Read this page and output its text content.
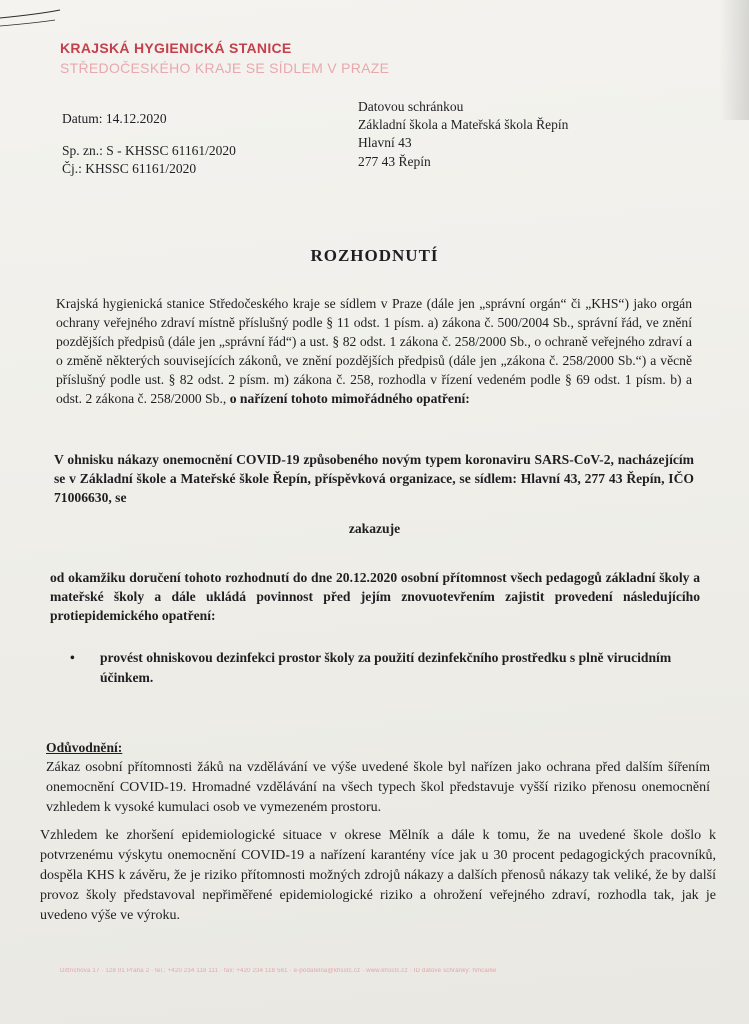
KRAJSKÁ HYGIENICKÁ STANICE

STŘEDOČESKÉHO KRAJE SE SÍDLEM V PRAZE

Datum: 14.12.2020

Sp. zn.: S - KHSSC 61161/2020

Čj.: KHSSC 61161/2020

Datovou schránkou
Základní škola a Mateřská škola Řepín
Hlavní 43
277 43 Řepín
ROZHODNUTÍ

Krajská hygienická stanice Středočeského kraje se sídlem v Praze (dále jen „správní orgán“ či „KHS“) jako orgán ochrany veřejného zdraví místně příslušný podle § 11 odst. 1 písm. a) zákona č. 500/2004 Sb., správní řád, ve znění pozdějších předpisů (dále jen „správní řád“) a ust. § 82 odst. 1 zákona č. 258/2000 Sb., o ochraně veřejného zdraví a o změně některých souvisejících zákonů, ve znění pozdějších předpisů (dále jen „zákona č. 258/2000 Sb.“) a věcně příslušný podle ust. § 82 odst. 2 písm. m) zákona č. 258, rozhodla v řízení vedeném podle § 69 odst. 1 písm. b) a odst. 2 zákona č. 258/2000 Sb., o nařízení tohoto mimořádného opatření:

V ohnisku nákazy onemocnění COVID-19 způsobeného novým typem koronaviru SARS-CoV-2, nacházejícím se v Základní škole a Mateřské škole Řepín, příspěvková organizace, se sídlem: Hlavní 43, 277 43 Řepín, IČO 71006630, se

zakazuje

od okamžiku doručení tohoto rozhodnutí do dne 20.12.2020 osobní přítomnost všech pedagogů základní školy a mateřské školy a dále ukládá povinnost před jejím znovuotevřením zajistit provedení následujícího protiepidemického opatření:

• provést ohniskovou dezinfekci prostor školy za použití dezinfekčního prostředku s plně virucidním účinkem.
Odůvodnění:

Zákaz osobní přítomnosti žáků na vzdělávání ve výše uvedené škole byl nařízen jako ochrana před dalším šířením onemocnění COVID-19. Hromadné vzdělávání na všech typech škol představuje vyšší riziko přenosu onemocnění vzhledem k vysoké kumulaci osob ve vymezeném prostoru.

Vzhledem ke zhoršení epidemiologické situace v okrese Mělník a dále k tomu, že na uvedené škole došlo k potvrzenému výskytu onemocnění COVID-19 a nařízení karantény více jak u 30 procent pedagogických pracovníků, dospěla KHS k závěru, že je riziko přítomnosti možných zdrojů nákazy a dalších přenosů nákazy tak veliké, že by další provoz školy představoval nepřiměřené epidemiologické riziko a ohrožení veřejného zdraví, rozhodla tak, jak je uvedeno výše ve výroku.

Dittrichova 17 · 128 01 Praha 2 · tel.: +420 234 118 111 · fax: +420 234 118 561 · e-podatelna@khsstc.cz · www.khsstc.cz · ID datové schránky: hmcai6e
